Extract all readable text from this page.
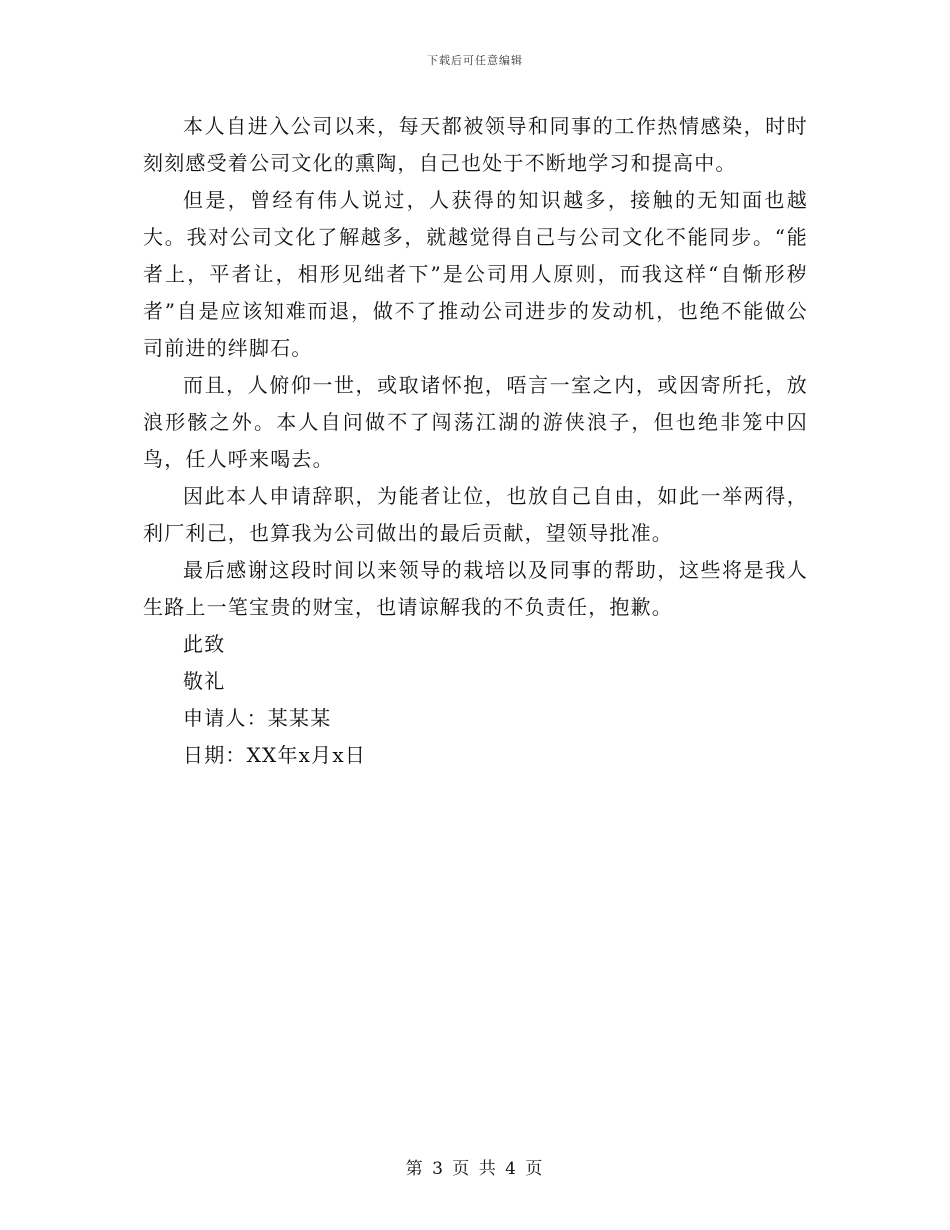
下载后可任意编辑

本人自进入公司以来，每天都被领导和同事的工作热情感染，时时刻刻感受着公司文化的熏陶，自己也处于不断地学习和提高中。

但是，曾经有伟人说过，人获得的知识越多，接触的无知面也越大。我对公司文化了解越多，就越觉得自己与公司文化不能同步。“能者上，平者让，相形见绌者下”是公司用人原则，而我这样“自惭形秽者”自是应该知难而退，做不了推动公司进步的发动机，也绝不能做公司前进的绊脚石。

而且，人俯仰一世，或取诸怀抱，唔言一室之内，或因寄所托，放浪形骸之外。本人自问做不了闯荡江湖的游侠浪子，但也绝非笼中囚鸟，任人呼来喝去。

因此本人申请辞职，为能者让位，也放自己自由，如此一举两得，利厂利己，也算我为公司做出的最后贡献，望领导批准。

最后感谢这段时间以来领导的栽培以及同事的帮助，这些将是我人生路上一笔宝贵的财宝，也请谅解我的不负责任，抱歉。

此致

敬礼

申请人：某某某

日期：XX年x月x日

第 3 页 共 4 页
